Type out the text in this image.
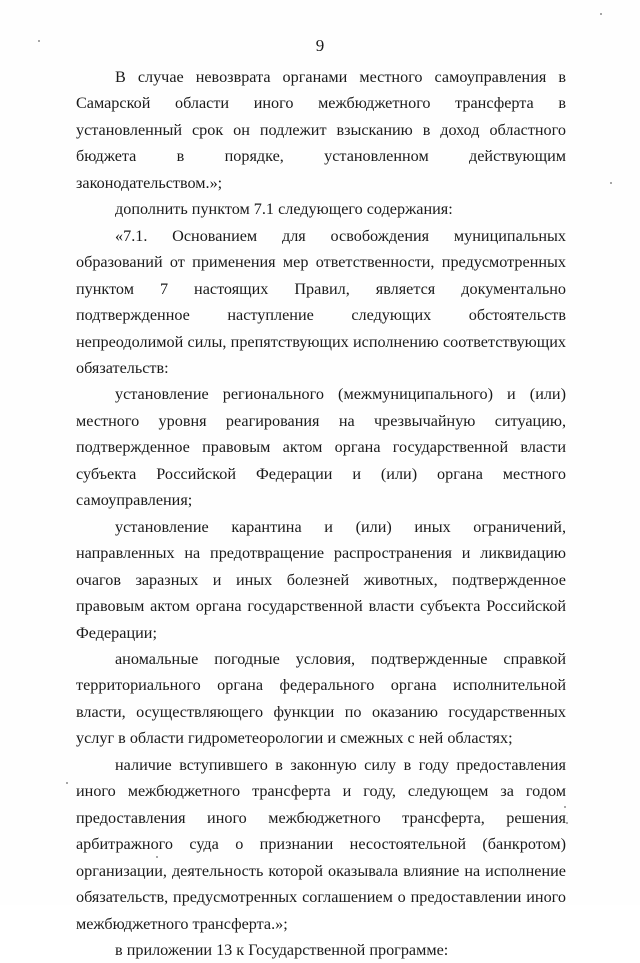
9

В случае невозврата органами местного самоуправления в Самарской области иного межбюджетного трансферта в установленный срок он подлежит взысканию в доход областного бюджета в порядке, установленном действующим законодательством.»;

дополнить пунктом 7.1 следующего содержания:

«7.1. Основанием для освобождения муниципальных образований от применения мер ответственности, предусмотренных пунктом 7 настоящих Правил, является документально подтвержденное наступление следующих обстоятельств непреодолимой силы, препятствующих исполнению соответствующих обязательств:

установление регионального (межмуниципального) и (или) местного уровня реагирования на чрезвычайную ситуацию, подтвержденное правовым актом органа государственной власти субъекта Российской Федерации и (или) органа местного самоуправления;

установление карантина и (или) иных ограничений, направленных на предотвращение распространения и ликвидацию очагов заразных и иных болезней животных, подтвержденное правовым актом органа государственной власти субъекта Российской Федерации;

аномальные погодные условия, подтвержденные справкой территориального органа федерального органа исполнительной власти, осуществляющего функции по оказанию государственных услуг в области гидрометеорологии и смежных с ней областях;

наличие вступившего в законную силу в году предоставления иного межбюджетного трансферта и году, следующем за годом предоставления иного межбюджетного трансферта, решения арбитражного суда о признании несостоятельной (банкротом) организации, деятельность которой оказывала влияние на исполнение обязательств, предусмотренных соглашением о предоставлении иного межбюджетного трансферта.»;

в приложении 13 к Государственной программе:
